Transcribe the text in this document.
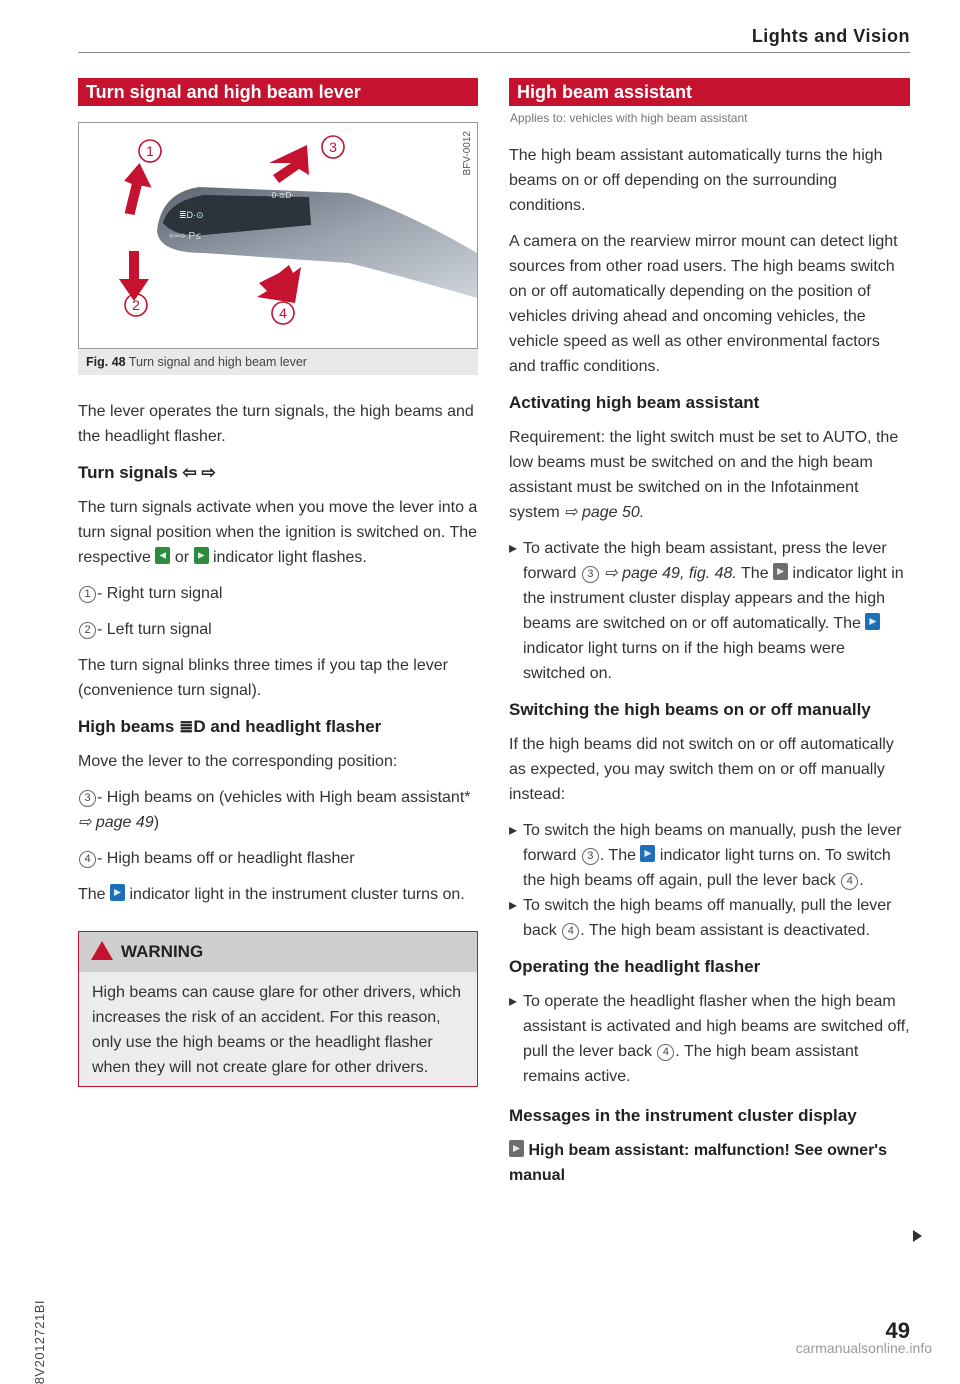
Lights and Vision
Turn signal and high beam lever
≣D·⊙
⇦⇨ P≤
·0·≣D·
1
2
3
4
BFV-0012
Fig. 48 Turn signal and high beam lever

The lever operates the turn signals, the high beams and the headlight flasher.

Turn signals ⇦ ⇨

The turn signals activate when you move the lever into a turn signal position when the ignition is switched on. The respective or indicator light flashes.

1 - Right turn signal

2 - Left turn signal

The turn signal blinks three times if you tap the lever (convenience turn signal).

High beams ≣D and headlight flasher

Move the lever to the corresponding position:

3 - High beams on (vehicles with High beam assistant* ⇨ page 49)

4 - High beams off or headlight flasher

The indicator light in the instrument cluster turns on.

WARNING

High beams can cause glare for other drivers, which increases the risk of an accident. For this reason, only use the high beams or the headlight flasher when they will not create glare for other drivers.

High beam assistant
Applies to: vehicles with high beam assistant

The high beam assistant automatically turns the high beams on or off depending on the surrounding conditions.

A camera on the rearview mirror mount can detect light sources from other road users. The high beams switch on or off automatically depending on the position of vehicles driving ahead and oncoming vehicles, the vehicle speed as well as other environmental factors and traffic conditions.

Activating high beam assistant

Requirement: the light switch must be set to AUTO, the low beams must be switched on and the high beam assistant must be switched on in the Infotainment system ⇨ page 50.

▸ To activate the high beam assistant, press the lever forward 3 ⇨ page 49, fig. 48. The indicator light in the instrument cluster display appears and the high beams are switched on or off automatically. The  indicator light turns on if the high beams were switched on.
Switching the high beams on or off manually

If the high beams did not switch on or off automatically as expected, you may switch them on or off manually instead:

▸ To switch the high beams on manually, push the lever forward 3 . The indicator light turns on. To switch the high beams off again, pull the lever back 4 .
▸ To switch the high beams off manually, pull the lever back 4 . The high beam assistant is deactivated.
Operating the headlight flasher
▸ To operate the headlight flasher when the high beam assistant is activated and high beams are switched off, pull the lever back 4 . The high beam assistant remains active.
Messages in the instrument cluster display

High beam assistant: malfunction! See owner's manual

8V2012721BI	49
carmanualsonline.info
